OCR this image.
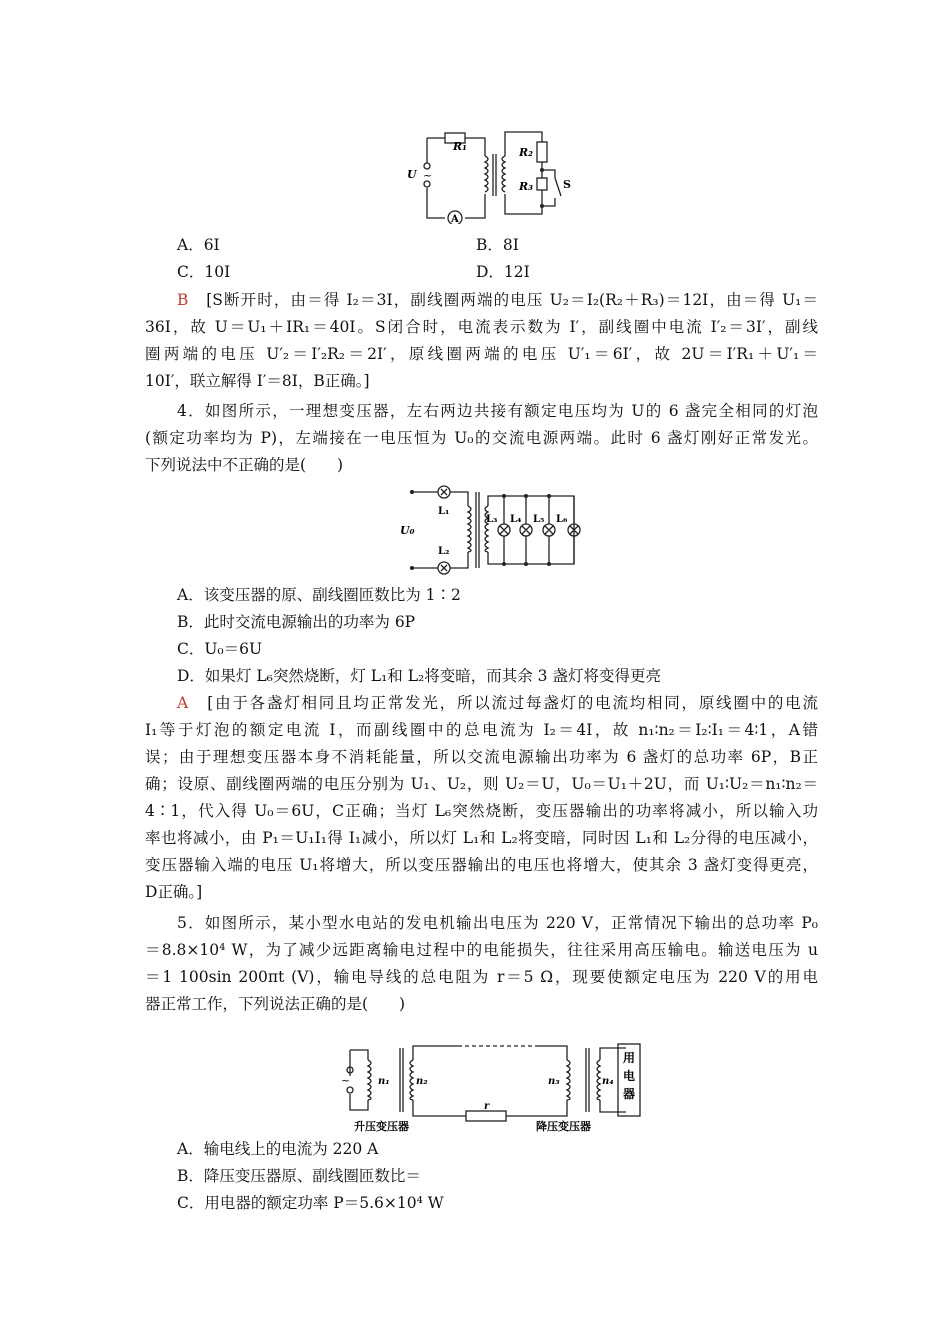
R₁
U ~
A
R₂
R₃	S
A．6I	B．8I
C．10I	D．12I
B　 [S断开时，由＝得 I₂＝3I，副线圈两端的电压 U₂＝I₂(R₂＋R₃)＝12I，由＝得 U₁＝
36I，故 U＝U₁＋IR₁＝40I。S闭合时，电流表示数为 I′，副线圈中电流 I′₂＝3I′，副线
圈两端的电压 U′₂＝I′₂R₂＝2I′，原线圈两端的电压 U′₁＝6I′，故 2U＝I′R₁＋U′₁＝
10I′，联立解得 I′＝8I，B正确。]
4．如图所示，一理想变压器，左右两边共接有额定电压均为 U的 6 盏完全相同的灯泡
(额定功率均为 P)，左端接在一电压恒为 U₀的交流电源两端。此时 6 盏灯刚好正常发光。
下列说法中不正确的是(　　)
U₀
L₁
L₂
L₃ L₄ L₅ L₆
A．该变压器的原、副线圈匝数比为 1∶2
B．此时交流电源输出的功率为 6P
C．U₀＝6U
D．如果灯 L₆突然烧断，灯 L₁和 L₂将变暗，而其余 3 盏灯将变得更亮
A　 [由于各盏灯相同且均正常发光，所以流过每盏灯的电流均相同，原线圈中的电流
I₁等于灯泡的额定电流 I，而副线圈中的总电流为 I₂＝4I，故 n₁∶n₂＝I₂∶I₁＝4∶1，A错
误；由于理想变压器本身不消耗能量，所以交流电源输出功率为 6 盏灯的总功率 6P，B正
确；设原、副线圈两端的电压分别为 U₁、U₂，则 U₂＝U，U₀＝U₁＋2U，而 U₁∶U₂＝n₁∶n₂＝
4∶1，代入得 U₀＝6U，C正确；当灯 L₆突然烧断，变压器输出的功率将减小，所以输入功
率也将减小，由 P₁＝U₁I₁得 I₁减小，所以灯 L₁和 L₂将变暗，同时因 L₁和 L₂分得的电压减小，
变压器输入端的电压 U₁将增大，所以变压器输出的电压也将增大，使其余 3 盏灯变得更亮，
D正确。]
5．如图所示，某小型水电站的发电机输出电压为 220 V，正常情况下输出的总功率 P₀
＝8.8×10⁴ W，为了减少远距离输电过程中的电能损失，往往采用高压输电。输送电压为 u
＝1 100sin 200πt (V)，输电导线的总电阻为 r＝5 Ω，现要使额定电压为 220 V的用电
器正常工作，下列说法正确的是(　　)
~	n₁	n₂	n₃	n₄
r
用
电
器
升压变压器	降压变压器
A．输电线上的电流为 220 A
B．降压变压器原、副线圈匝数比＝
C．用电器的额定功率 P＝5.6×10⁴ W
